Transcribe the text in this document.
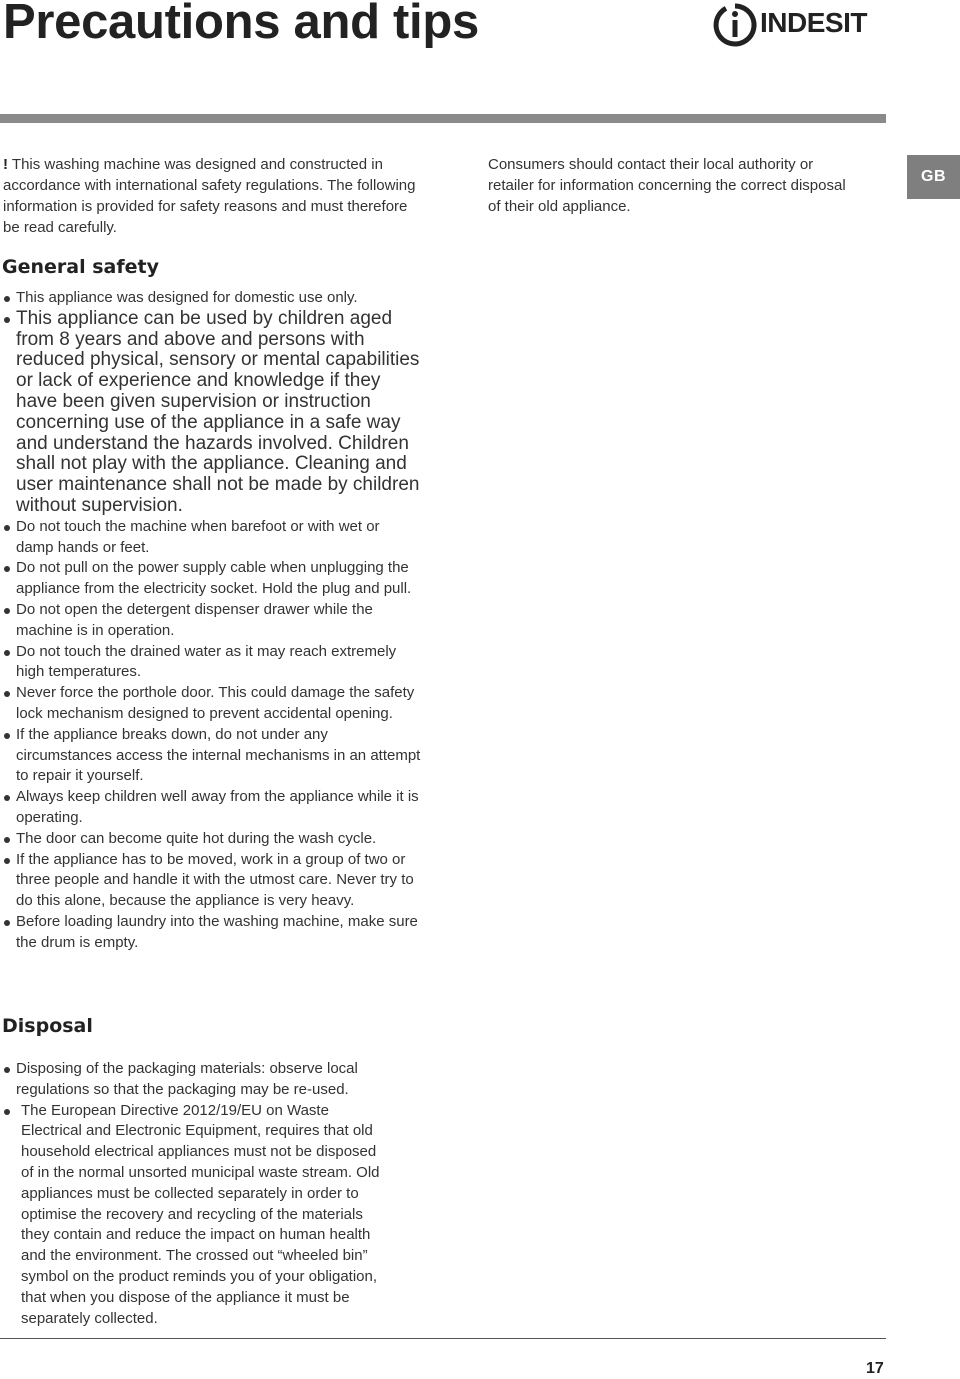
Precautions and tips	INDESIT
GB

! This washing machine was designed and constructed in accordance with international safety regulations. The following information is provided for safety reasons and must therefore be read carefully.

Consumers should contact their local authority or retailer for information concerning the correct disposal of their old appliance.

General safety
This appliance was designed for domestic use only.
This appliance can be used by children aged from 8 years and above and persons with reduced physical, sensory or mental capabilities or lack of experience and knowledge if they have been given supervision or instruction concerning use of the appliance in a safe way and understand the hazards involved. Children shall not play with the appliance. Cleaning and user maintenance shall not be made by children without supervision.
Do not touch the machine when barefoot or with wet or damp hands or feet.
Do not pull on the power supply cable when unplugging the appliance from the electricity socket. Hold the plug and pull.
Do not open the detergent dispenser drawer while the machine is in operation.
Do not touch the drained water as it may reach extremely high temperatures.
Never force the porthole door. This could damage the safety lock mechanism designed to prevent accidental opening.
If the appliance breaks down, do not under any circumstances access the internal mechanisms in an attempt to repair it yourself.
Always keep children well away from the appliance while it is operating.
The door can become quite hot during the wash cycle.
If the appliance has to be moved, work in a group of two or three people and handle it with the utmost care. Never try to do this alone, because the appliance is very heavy.
Before loading laundry into the washing machine, make sure the drum is empty.
Disposal
Disposing of the packaging materials: observe local regulations so that the packaging may be re-used.
The European Directive 2012/19/EU on Waste Electrical and Electronic Equipment, requires that old household electrical appliances must not be disposed of in the normal unsorted municipal waste stream. Old appliances must be collected separately in order to optimise the recovery and recycling of the materials they contain and reduce the impact on human health and the environment. The crossed out “wheeled bin” symbol on the product reminds you of your obligation, that when you dispose of the appliance it must be separately collected.
17
